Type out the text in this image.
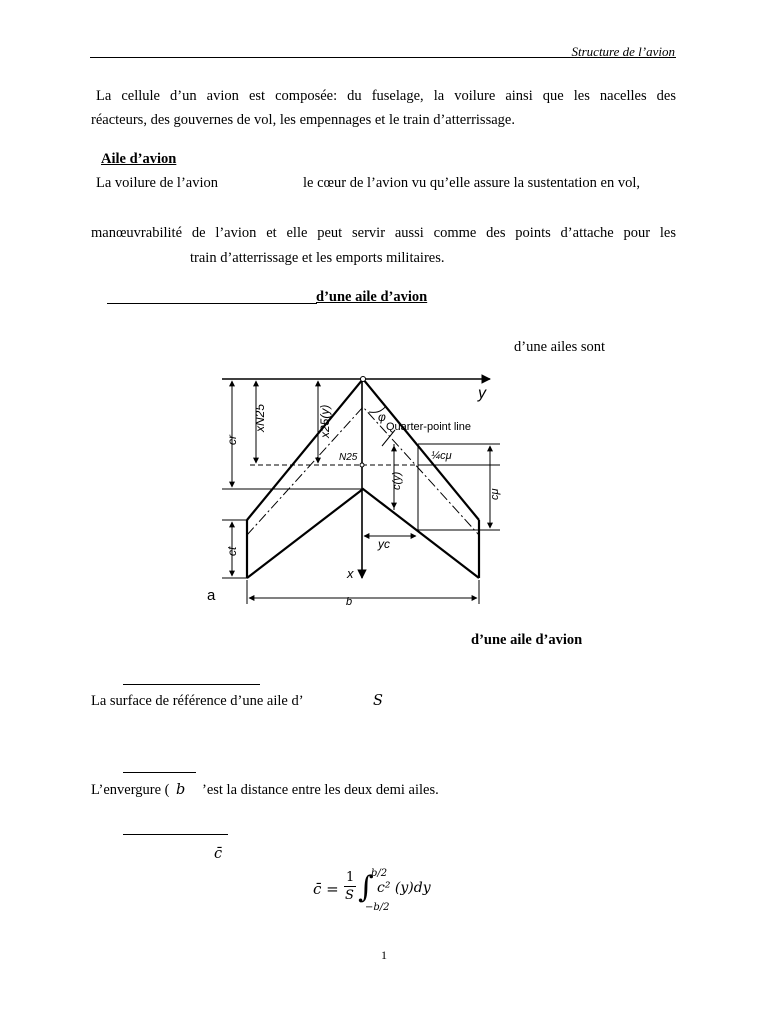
Structure de l’avion
La cellule d’un avion est composée: du fuselage, la voilure ainsi que les nacelles des
réacteurs, des gouvernes de vol, les empennages et le train d’atterrissage.
Aile d’avion
La voilure de l’avion	le cœur de l’avion vu qu’elle assure la sustentation en vol,
manœuvrabilité de l’avion et elle peut servir aussi comme des points d’attache pour les
train d’atterrissage et les emports militaires.
d’une aile d’avion
d’une ailes sont
y
x
cr
ct
xN25	x25(y)
c(y)
cμ
φ
Quarter-point line
¼cμ
N25
yc
b
a
d’une aile d’avion
La surface de référence d’une aile d’	S
L’envergure ( b ’est la distance entre les deux demi ailes.
c̄
c̄ =
1
S ∫
b/2
−b/2
c² (y)dy
1
